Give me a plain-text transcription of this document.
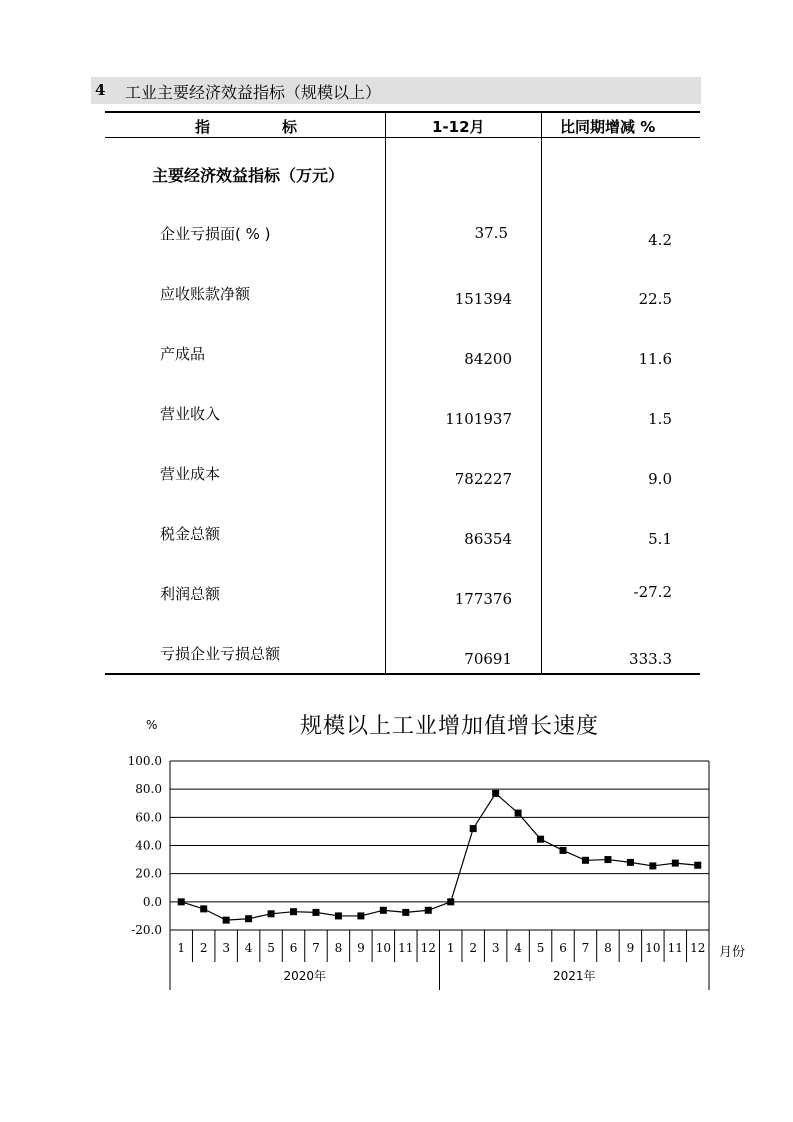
4 工业主要经济效益指标（规模以上）
指	标	1-12月	比同期增减 %
主要经济效益指标（万元）
企业亏损面( % )	37.5	4.2
应收账款净额	151394	22.5
产成品	84200	11.6
营业收入	1101937	1.5
营业成本	782227	9.0
税金总额	86354	5.1
利润总额	177376	-27.2
亏损企业亏损总额	70691	333.3
规模以上工业增加值增长速度
%
100.0
80.0
60.0
40.0
20.0
0.0
-20.0
1 2 3 4 5 6 7 8 9 10 11 12 1 2 3 4 5 6 7 8 9 10 11 12
2020年	2021年
月份
